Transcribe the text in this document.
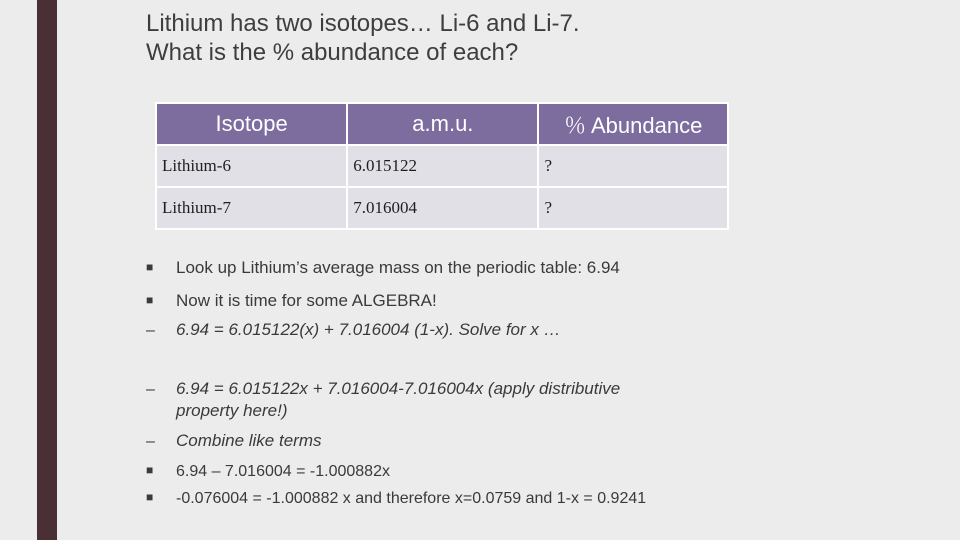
Lithium has two isotopes… Li-6 and Li-7.
What is the % abundance of each?
Isotope	a.m.u.	％ Abundance
Lithium-6	6.015122	?
Lithium-7	7.016004	?
■ Look up Lithium’s average mass on the periodic table: 6.94
■ Now it is time for some ALGEBRA!
– 6.94 = 6.015122(x) + 7.016004 (1-x). Solve for x …
– 6.94 = 6.015122x + 7.016004-7.016004x (apply distributive
property here!)
– Combine like terms
■ 6.94 – 7.016004 = -1.000882x
■ -0.076004 = -1.000882 x and therefore x=0.0759 and 1-x = 0.9241
